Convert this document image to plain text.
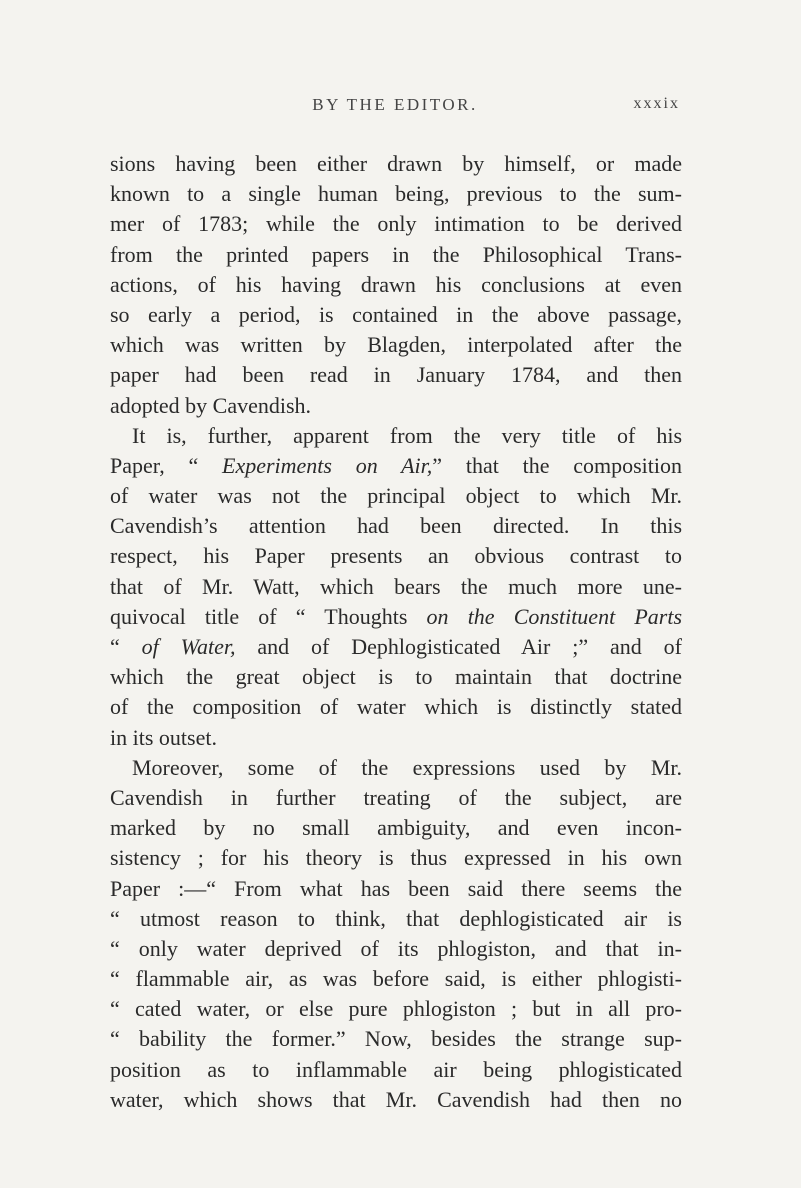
BY THE EDITOR.	xxxix
sions having been either drawn by himself, or made
known to a single human being, previous to the sum-
mer of 1783; while the only intimation to be derived
from the printed papers in the Philosophical Trans-
actions, of his having drawn his conclusions at even
so early a period, is contained in the above passage,
which was written by Blagden, interpolated after the
paper had been read in January 1784, and then
adopted by Cavendish.
It is, further, apparent from the very title of his
Paper, “ Experiments on Air,” that the composition
of water was not the principal object to which Mr.
Cavendish’s attention had been directed. In this
respect, his Paper presents an obvious contrast to
that of Mr. Watt, which bears the much more une-
quivocal title of “ Thoughts on the Constituent Parts
“ of Water, and of Dephlogisticated Air ;” and of
which the great object is to maintain that doctrine
of the composition of water which is distinctly stated
in its outset.
Moreover, some of the expressions used by Mr.
Cavendish in further treating of the subject, are
marked by no small ambiguity, and even incon-
sistency ; for his theory is thus expressed in his own
Paper :—“ From what has been said there seems the
“ utmost reason to think, that dephlogisticated air is
“ only water deprived of its phlogiston, and that in-
“ flammable air, as was before said, is either phlogisti-
“ cated water, or else pure phlogiston ; but in all pro-
“ bability the former.” Now, besides the strange sup-
position as to inflammable air being phlogisticated
water, which shows that Mr. Cavendish had then no
